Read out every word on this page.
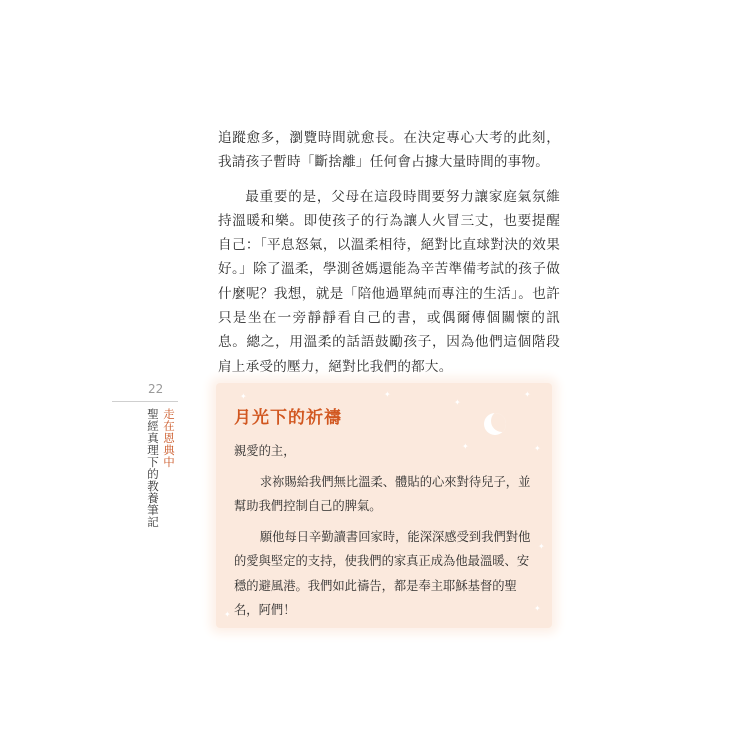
追蹤愈多，瀏覽時間就愈長。在決定專心大考的此刻，我請孩子暫時「斷捨離」任何會占據大量時間的事物。

最重要的是，父母在這段時間要努力讓家庭氣氛維持溫暖和樂。即使孩子的行為讓人火冒三丈，也要提醒自己：「平息怒氣，以溫柔相待，絕對比直球對決的效果好。」除了溫柔，學測爸媽還能為辛苦準備考試的孩子做什麼呢？我想，就是「陪他過單純而專注的生活」。也許只是坐在一旁靜靜看自己的書，或偶爾傳個關懷的訊息。總之，用溫柔的話語鼓勵孩子，因為他們這個階段肩上承受的壓力，絕對比我們的都大。

22
走在恩典中
聖經真理下的教養筆記
✦	✦
✦
✦
✦
✦
✦
✦
✦
月光下的祈禱

親愛的主，

求祢賜給我們無比溫柔、體貼的心來對待兒子，並幫助我們控制自己的脾氣。

願他每日辛勤讀書回家時，能深深感受到我們對他的愛與堅定的支持，使我們的家真正成為他最溫暖、安穩的避風港。我們如此禱告，都是奉主耶穌基督的聖名，阿們！
